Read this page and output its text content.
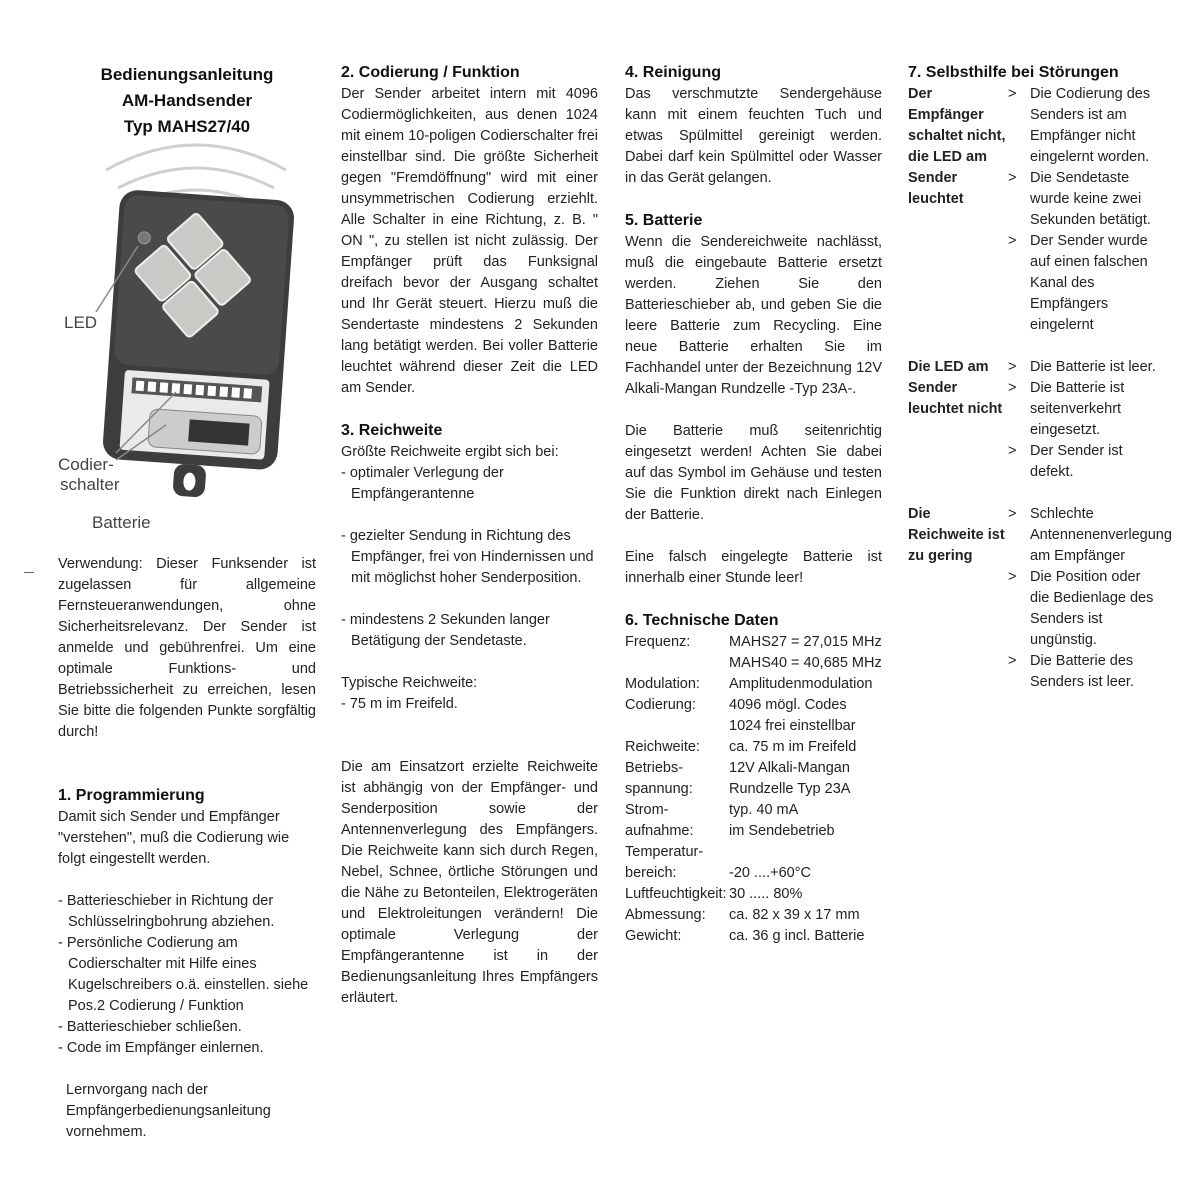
Bedienungsanleitung
AM-Handsender
Typ MAHS27/40
LED
Codier-
schalter
Batterie

Verwendung: Dieser Funksender ist zugelassen für allgemeine Fernsteueranwendungen, ohne Sicherheitsrelevanz. Der Sender ist anmelde und gebührenfrei. Um eine optimale Funktions- und Betriebssicherheit zu erreichen, lesen Sie bitte die folgenden Punkte sorgfältig durch!

1. Programmierung

Damit sich Sender und Empfänger "verstehen", muß die Codierung wie folgt eingestellt werden.

- Batterieschieber in Richtung der Schlüsselringbohrung abziehen.

- Persönliche Codierung am Codierschalter mit Hilfe eines Kugelschreibers o.ä. einstellen. siehe Pos.2 Codierung / Funktion

- Batterieschieber schließen.

- Code im Empfänger einlernen.

Lernvorgang nach der Empfängerbedienungsanleitung vornehmem.

2. Codierung / Funktion

Der Sender arbeitet intern mit 4096 Codiermöglichkeiten, aus denen 1024 mit einem 10-poligen Codierschalter frei einstellbar sind. Die größte Sicherheit gegen "Fremdöffnung" wird mit einer unsymmetrischen Codierung erziehlt. Alle Schalter in eine Richtung, z. B. " ON ", zu stellen ist nicht zulässig. Der Empfänger prüft das Funksignal dreifach bevor der Ausgang schaltet und Ihr Gerät steuert. Hierzu muß die Sendertaste mindestens 2 Sekunden lang betätigt werden. Bei voller Batterie leuchtet während dieser Zeit die LED am Sender.

3. Reichweite

Größte Reichweite ergibt sich bei:

- optimaler Verlegung der Empfängerantenne

- gezielter Sendung in Richtung des Empfänger, frei von Hindernissen und mit möglichst hoher Senderposition.

- mindestens 2 Sekunden langer Betätigung der Sendetaste.

Typische Reichweite:

- 75 m im Freifeld.

Die am Einsatzort erzielte Reichweite ist abhängig von der Empfänger- und Senderposition sowie der Antennenverlegung des Empfängers. Die Reichweite kann sich durch Regen, Nebel, Schnee, örtliche Störungen und die Nähe zu Betonteilen, Elektrogeräten und Elektroleitungen verändern! Die optimale Verlegung der Empfängerantenne ist in der Bedienungsanleitung Ihres Empfängers erläutert.

4. Reinigung

Das verschmutzte Sendergehäuse kann mit einem feuchten Tuch und etwas Spülmittel gereinigt werden. Dabei darf kein Spülmittel oder Wasser in das Gerät gelangen.

5. Batterie

Wenn die Sendereichweite nachlässt, muß die eingebaute Batterie ersetzt werden. Ziehen Sie den Batterieschieber ab, und geben Sie die leere Batterie zum Recycling. Eine neue Batterie erhalten Sie im Fachhandel unter der Bezeichnung 12V Alkali-Mangan Rundzelle -Typ 23A-.

Die Batterie muß seitenrichtig eingesetzt werden! Achten Sie dabei auf das Symbol im Gehäuse und testen Sie die Funktion direkt nach Einlegen der Batterie.

Eine falsch eingelegte Batterie ist innerhalb einer Stunde leer!

6. Technische Daten
Frequenz:	MAHS27 = 27,015 MHz
	MAHS40 = 40,685 MHz
Modulation:	Amplitudenmodulation
Codierung:	4096 mögl. Codes
	1024 frei einstellbar
Reichweite:	ca. 75 m im Freifeld
Betriebs-	12V Alkali-Mangan
spannung:	Rundzelle Typ 23A
Strom-	typ. 40 mA
aufnahme:	im Sendebetrieb
Temperatur-	
bereich:	-20 ....+60°C
Luftfeuchtigkeit:	30 ..... 80%
Abmessung:	ca. 82 x 39 x 17 mm
Gewicht:	ca. 36 g incl. Batterie
7. Selbsthilfe bei Störungen
Der Empfänger schaltet nicht, die LED am Sender leuchtet
> Die Codierung des Senders ist am Empfänger nicht eingelernt worden.
> Die Sendetaste wurde keine zwei Sekunden betätigt.
> Der Sender wurde auf einen falschen Kanal des Empfängers eingelernt
Die LED am Sender leuchtet nicht
> Die Batterie ist leer.
> Die Batterie ist seitenverkehrt eingesetzt.
> Der Sender ist defekt.
Die Reichweite ist zu gering
> Schlechte Antennenenverlegung am Empfänger
> Die Position oder die Bedienlage des Senders ist ungünstig.
> Die Batterie des Senders ist leer.
